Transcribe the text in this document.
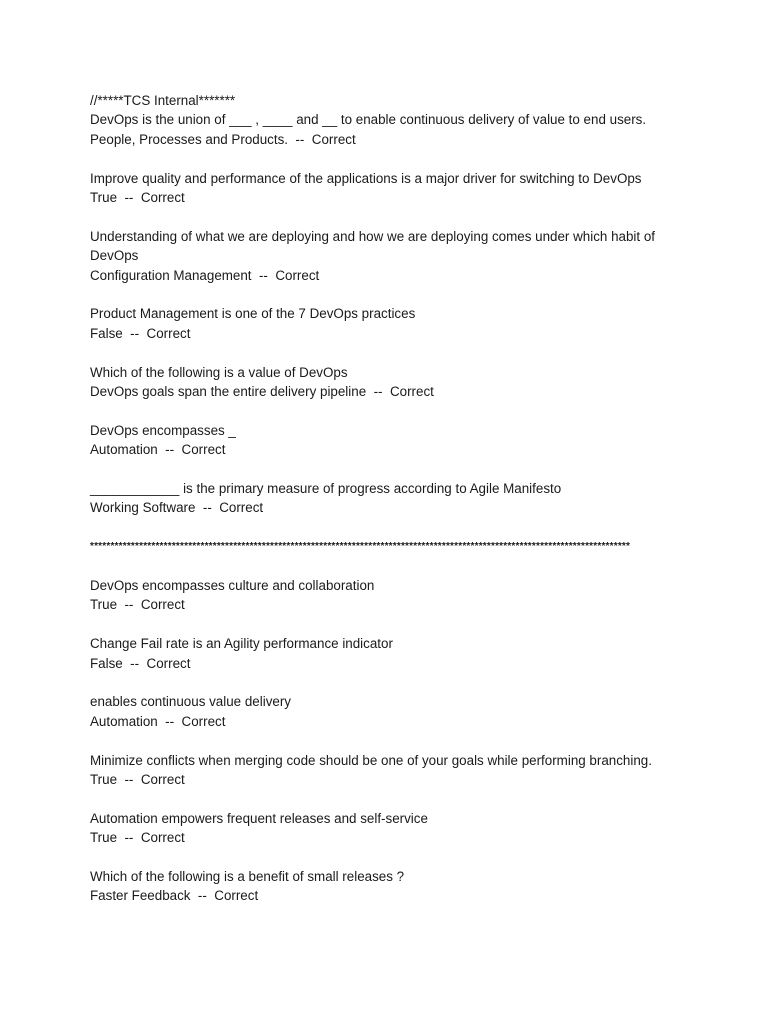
//*****TCS Internal*******
DevOps is the union of ___ , ____ and __ to enable continuous delivery of value to end users.
People, Processes and Products.  --  Correct
Improve quality and performance of the applications is a major driver for switching to DevOps
True  --  Correct
Understanding of what we are deploying and how we are deploying comes under which habit of DevOps
Configuration Management  --  Correct
Product Management is one of the 7 DevOps practices
False  --  Correct
Which of the following is a value of DevOps
DevOps goals span the entire delivery pipeline  --  Correct
DevOps encompasses _
Automation  --  Correct
____________ is the primary measure of progress according to Agile Manifesto
Working Software  --  Correct
************************************************************************************************************************************
DevOps encompasses culture and collaboration
True  --  Correct
Change Fail rate is an Agility performance indicator
False  --  Correct
enables continuous value delivery
Automation  --  Correct
Minimize conflicts when merging code should be one of your goals while performing branching.
True  --  Correct
Automation empowers frequent releases and self-service
True  --  Correct
Which of the following is a benefit of small releases ?
Faster Feedback  --  Correct
